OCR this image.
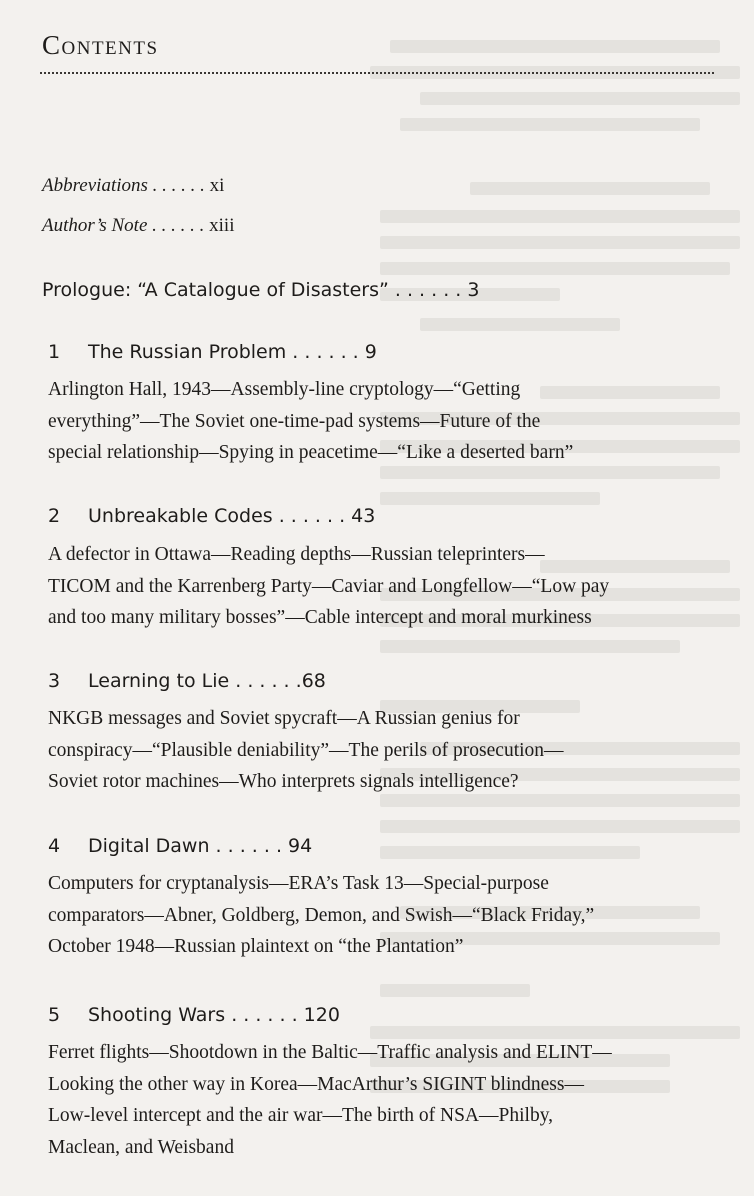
Contents
Abbreviations . . . . . . xi
Author’s Note . . . . . . xiii
Prologue: “A Catalogue of Disasters” . . . . . . 3
1 The Russian Problem . . . . . . 9
Arlington Hall, 1943—Assembly-line cryptology—“Getting
everything”—The Soviet one-time-pad systems—Future of the
special relationship—Spying in peacetime—“Like a deserted barn”
2 Unbreakable Codes . . . . . . 43
A defector in Ottawa—Reading depths—Russian teleprinters—
TICOM and the Karrenberg Party—Caviar and Longfellow—“Low pay
and too many military bosses”—Cable intercept and moral murkiness
3 Learning to Lie . . . . . .68
NKGB messages and Soviet spycraft—A Russian genius for
conspiracy—“Plausible deniability”—The perils of prosecution—
Soviet rotor machines—Who interprets signals intelligence?
4 Digital Dawn . . . . . . 94
Computers for cryptanalysis—ERA’s Task 13—Special-purpose
comparators—Abner, Goldberg, Demon, and Swish—“Black Friday,”
October 1948—Russian plaintext on “the Plantation”
5 Shooting Wars . . . . . . 120
Ferret flights—Shootdown in the Baltic—Traffic analysis and ELINT—
Looking the other way in Korea—MacArthur’s SIGINT blindness—
Low-level intercept and the air war—The birth of NSA—Philby,
Maclean, and Weisband
